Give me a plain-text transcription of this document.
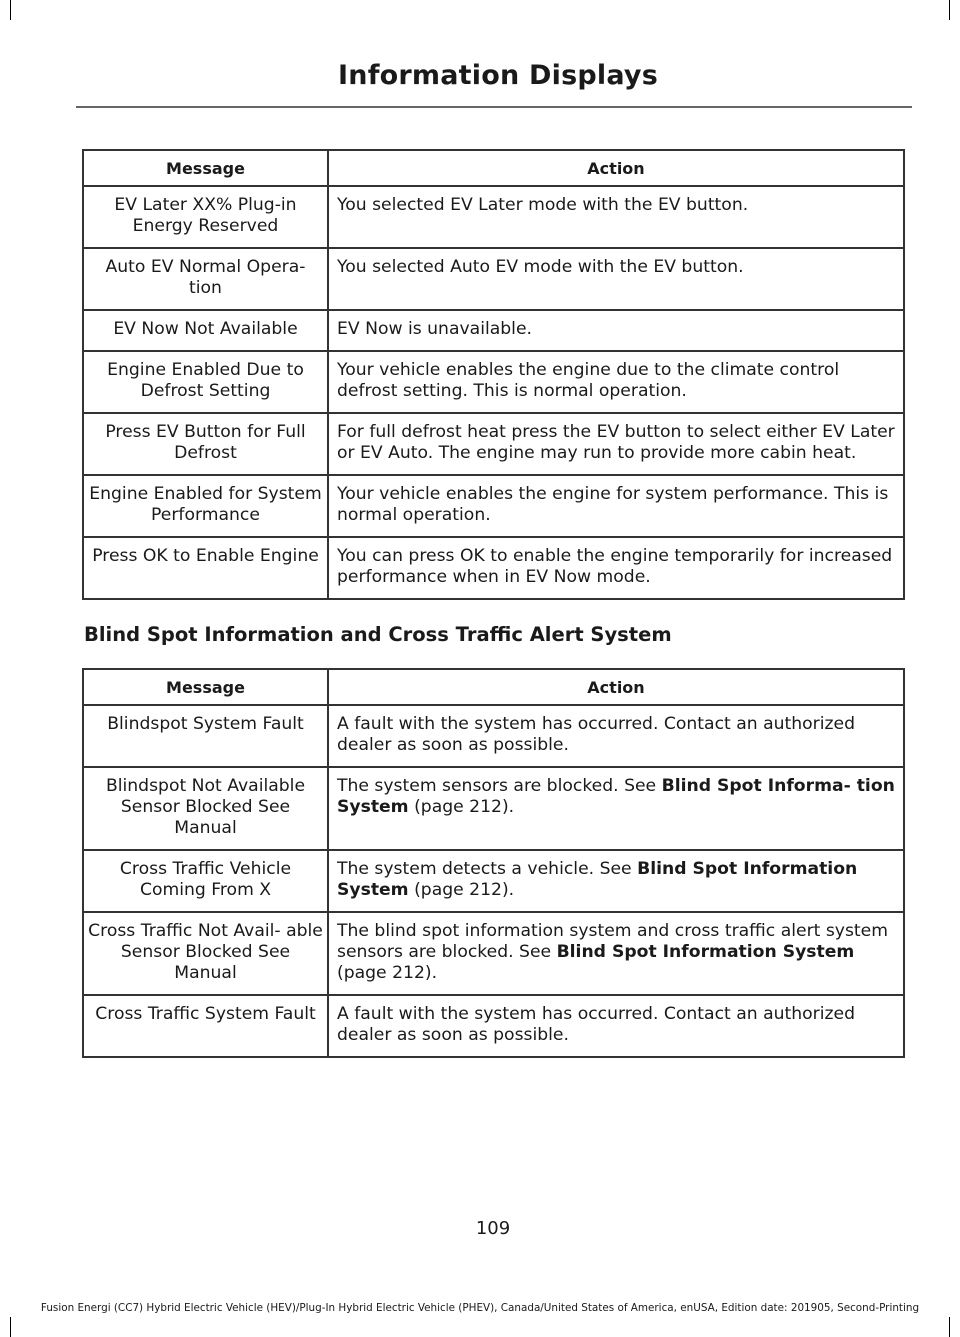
Information Displays
Message	Action
EV Later XX% Plug-in Energy Reserved	You selected EV Later mode with the EV button.
Auto EV Normal Opera- tion	You selected Auto EV mode with the EV button.
EV Now Not Available	EV Now is unavailable.
Engine Enabled Due to Defrost Setting	Your vehicle enables the engine due to the climate control defrost setting. This is normal operation.
Press EV Button for Full Defrost	For full defrost heat press the EV button to select either EV Later or EV Auto. The engine may run to provide more cabin heat.
Engine Enabled for System Performance	Your vehicle enables the engine for system performance. This is normal operation.
Press OK to Enable Engine	You can press OK to enable the engine temporarily for increased performance when in EV Now mode.
Blind Spot Information and Cross Traffic Alert System
Message	Action
Blindspot System Fault	A fault with the system has occurred. Contact an authorized dealer as soon as possible.
Blindspot Not Available Sensor Blocked See Manual	The system sensors are blocked. See Blind Spot Informa- tion System (page 212).
Cross Traffic Vehicle Coming From X	The system detects a vehicle. See Blind Spot Information System (page 212).
Cross Traffic Not Avail- able Sensor Blocked See Manual	The blind spot information system and cross traffic alert system sensors are blocked. See Blind Spot Information System (page 212).
Cross Traffic System Fault	A fault with the system has occurred. Contact an authorized dealer as soon as possible.
109
Fusion Energi (CC7) Hybrid Electric Vehicle (HEV)/Plug-In Hybrid Electric Vehicle (PHEV), Canada/United States of America, enUSA, Edition date: 201905, Second-Printing
